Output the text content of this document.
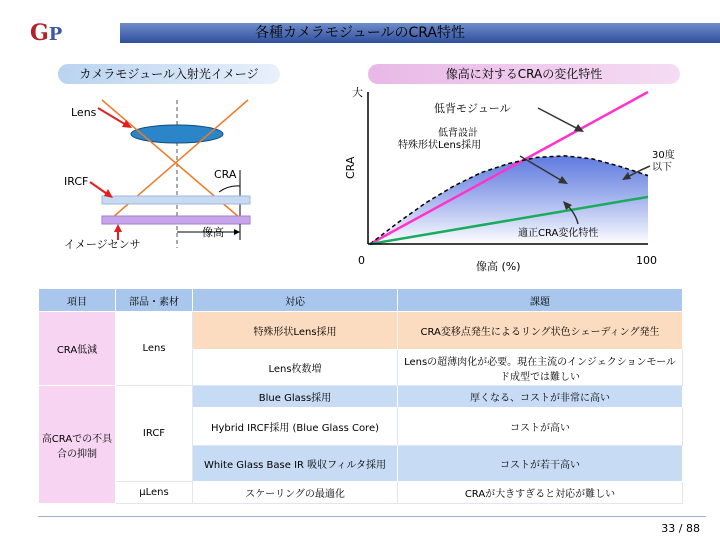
GP	各種カメラモジュールのCRA特性
カメラモジュール入射光イメージ	像高に対するCRAの変化特性
Lens
IRCF
CRA
像高
イメージセンサ
大
CRA
0	100
像高 (%)
低背モジュール
低背設計
特殊形状Lens採用
30度
以下
適正CRA変化特性
項目	部品・素材	対応	課題
CRA低減	Lens	特殊形状Lens採用	CRA変移点発生によるリング状色シェーディング発生
		Lens枚数増	Lensの超薄肉化が必要。現在主流のインジェクションモールド成型では難しい
高CRAでの不具合の抑制	IRCF	Blue Glass採用	厚くなる、コストが非常に高い
		Hybrid IRCF採用 (Blue Glass Core)	コストが高い
		White Glass Base IR 吸収フィルタ採用	コストが若干高い
	μLens	スケーリングの最適化	CRAが大きすぎると対応が難しい
33 / 88
